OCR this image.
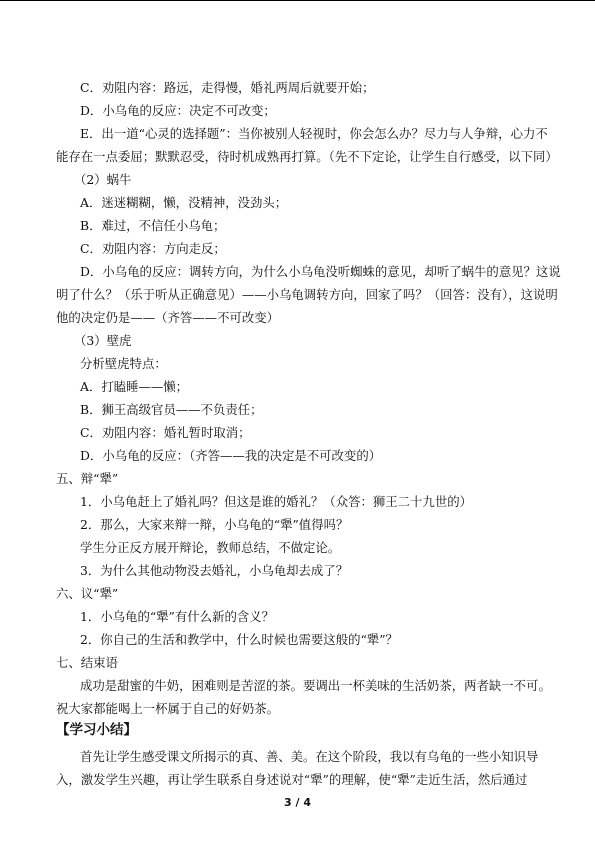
C．劝阻内容：路远，走得慢，婚礼两周后就要开始；
D．小乌龟的反应：决定不可改变；
E．出一道“心灵的选择题”：当你被别人轻视时，你会怎么办？尽力与人争辩，心力不
能存在一点委屈；默默忍受，待时机成熟再打算。（先不下定论，让学生自行感受，以下同）
（2）蜗牛
A．迷迷糊糊，懒，没精神，没劲头；
B．难过，不信任小乌龟；
C．劝阻内容：方向走反；
D．小乌龟的反应：调转方向，为什么小乌龟没听蜘蛛的意见，却听了蜗牛的意见？这说
明了什么？（乐于听从正确意见）——小乌龟调转方向，回家了吗？（回答：没有），这说明
他的决定仍是——（齐答——不可改变）
（3）壁虎
分析壁虎特点：
A．打瞌睡——懒；
B．狮王高级官员——不负责任；
C．劝阻内容：婚礼暂时取消；
D．小乌龟的反应：（齐答——我的决定是不可改变的）
五、辩“犟”
1．小乌龟赶上了婚礼吗？但这是谁的婚礼？（众答：狮王二十九世的）
2．那么，大家来辩一辩，小乌龟的“犟”值得吗？
学生分正反方展开辩论，教师总结，不做定论。
3．为什么其他动物没去婚礼，小乌龟却去成了？
六、议“犟”
1．小乌龟的“犟”有什么新的含义？
2．你自己的生活和教学中，什么时候也需要这般的“犟”？
七、结束语
成功是甜蜜的牛奶，困难则是苦涩的茶。要调出一杯美味的生活奶茶，两者缺一不可。
祝大家都能喝上一杯属于自己的好奶茶。
【学习小结】
首先让学生感受课文所揭示的真、善、美。在这个阶段，我以有乌龟的一些小知识导
入，激发学生兴趣，再让学生联系自身述说对“犟”的理解，使“犟”走近生活，然后通过
3 / 4
